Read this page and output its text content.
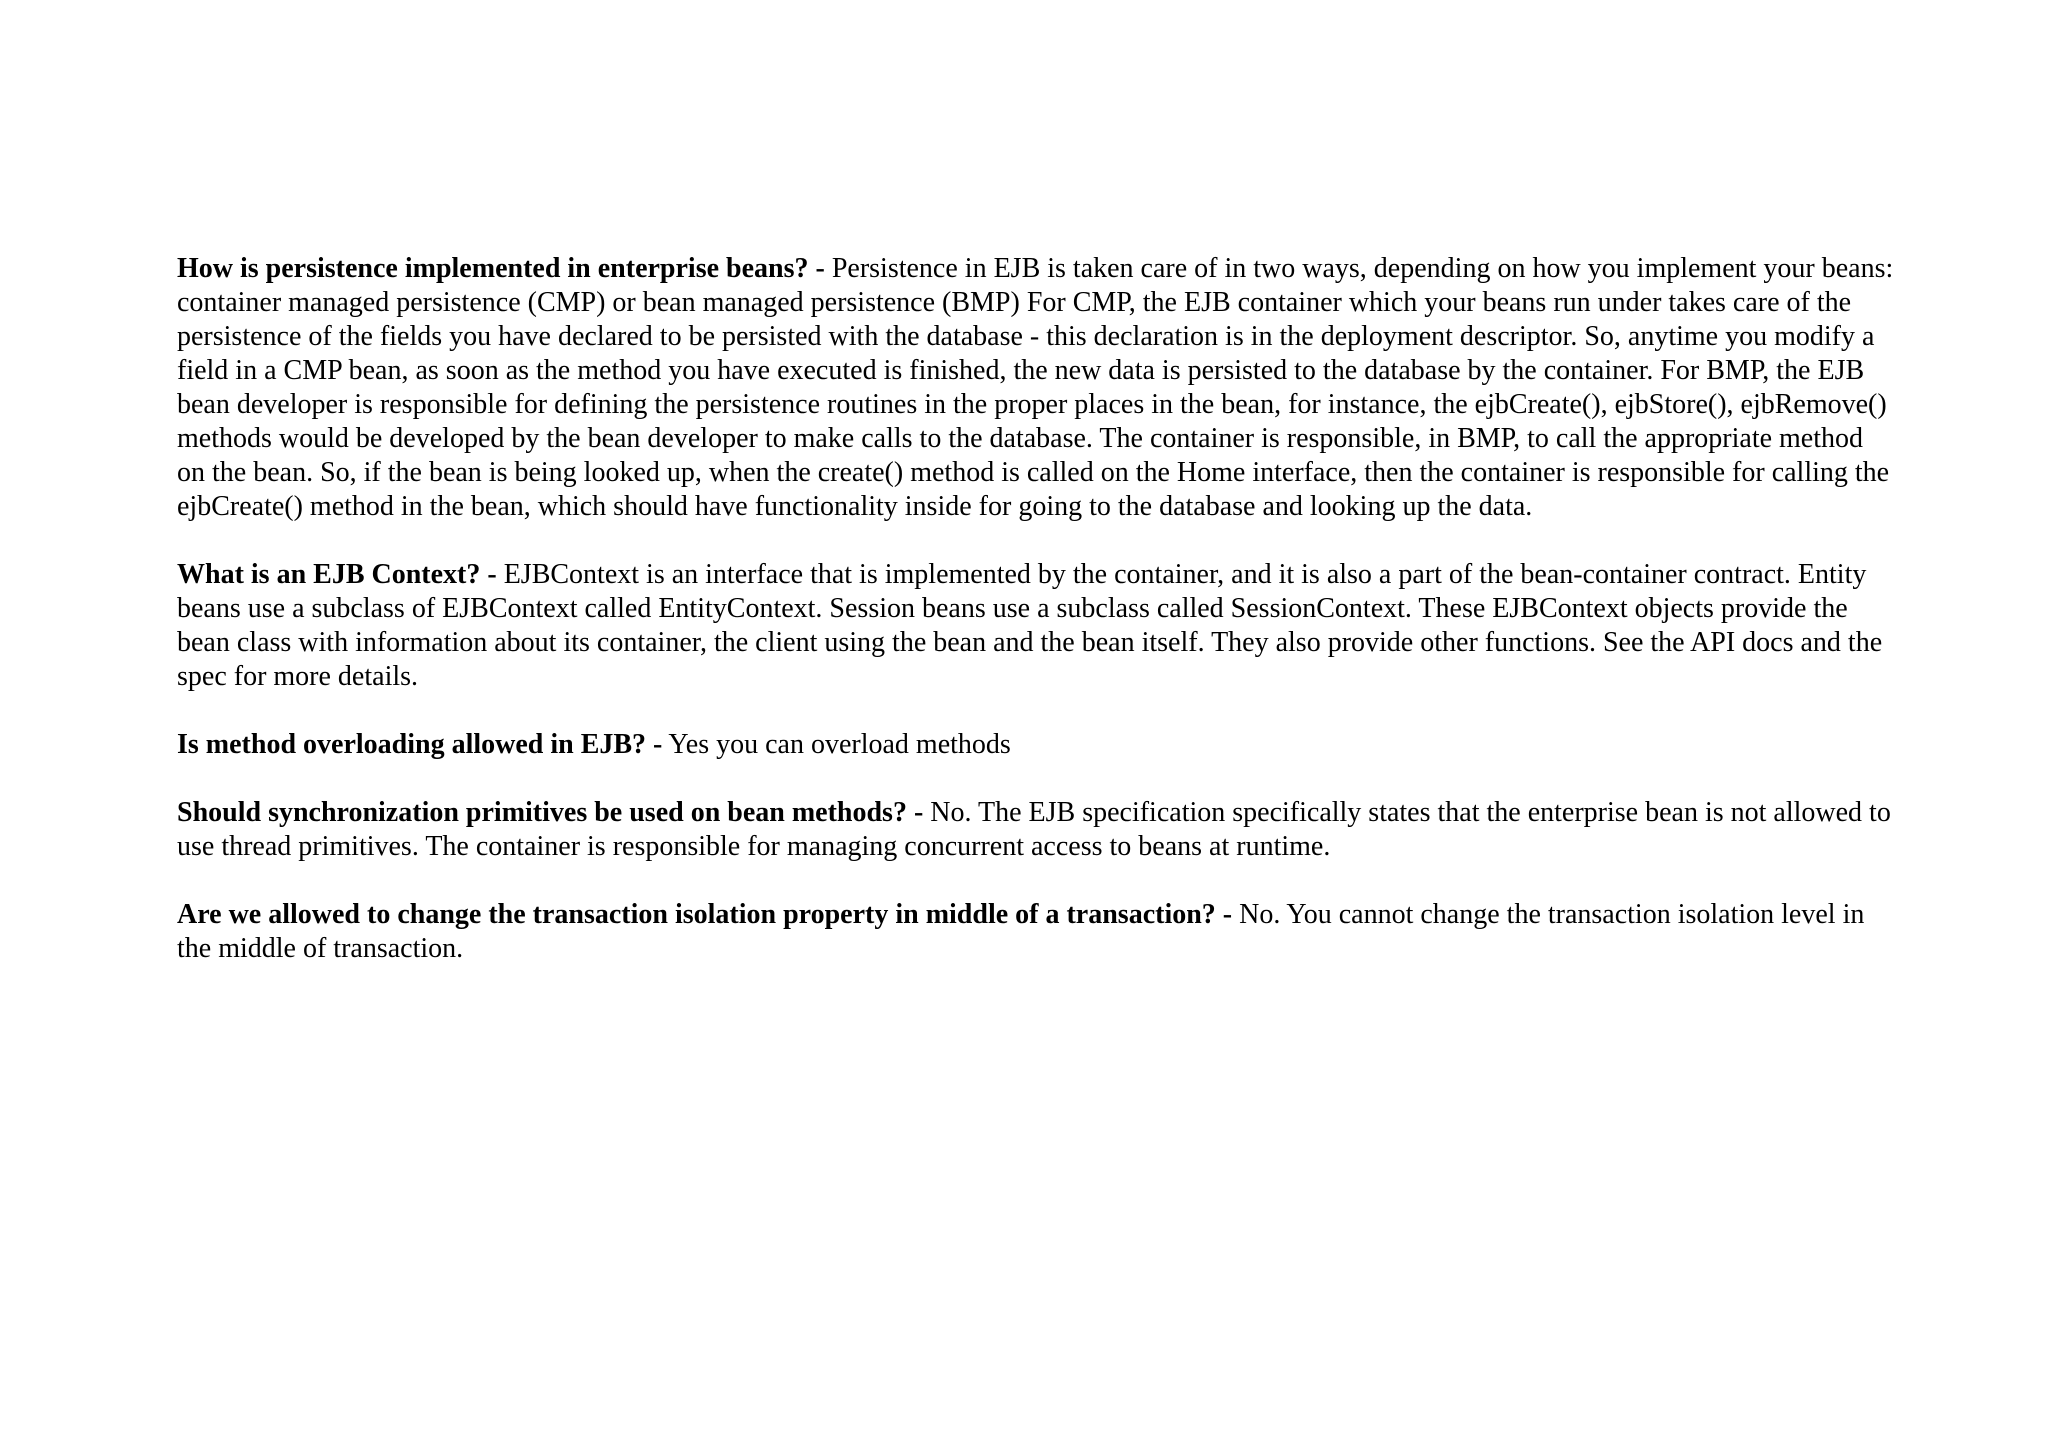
How is persistence implemented in enterprise beans? - Persistence in EJB is taken care of in two ways, depending on how you implement your beans: container managed persistence (CMP) or bean managed persistence (BMP) For CMP, the EJB container which your beans run under takes care of the persistence of the fields you have declared to be persisted with the database - this declaration is in the deployment descriptor. So, anytime you modify a field in a CMP bean, as soon as the method you have executed is finished, the new data is persisted to the database by the container. For BMP, the EJB bean developer is responsible for defining the persistence routines in the proper places in the bean, for instance, the ejbCreate(), ejbStore(), ejbRemove() methods would be developed by the bean developer to make calls to the database. The container is responsible, in BMP, to call the appropriate method on the bean. So, if the bean is being looked up, when the create() method is called on the Home interface, then the container is responsible for calling the ejbCreate() method in the bean, which should have functionality inside for going to the database and looking up the data.

What is an EJB Context? - EJBContext is an interface that is implemented by the container, and it is also a part of the bean-container contract. Entity beans use a subclass of EJBContext called EntityContext. Session beans use a subclass called SessionContext. These EJBContext objects provide the bean class with information about its container, the client using the bean and the bean itself. They also provide other functions. See the API docs and the spec for more details.

Is method overloading allowed in EJB? - Yes you can overload methods

Should synchronization primitives be used on bean methods? - No. The EJB specification specifically states that the enterprise bean is not allowed to use thread primitives. The container is responsible for managing concurrent access to beans at runtime.

Are we allowed to change the transaction isolation property in middle of a transaction? - No. You cannot change the transaction isolation level in the middle of transaction.
